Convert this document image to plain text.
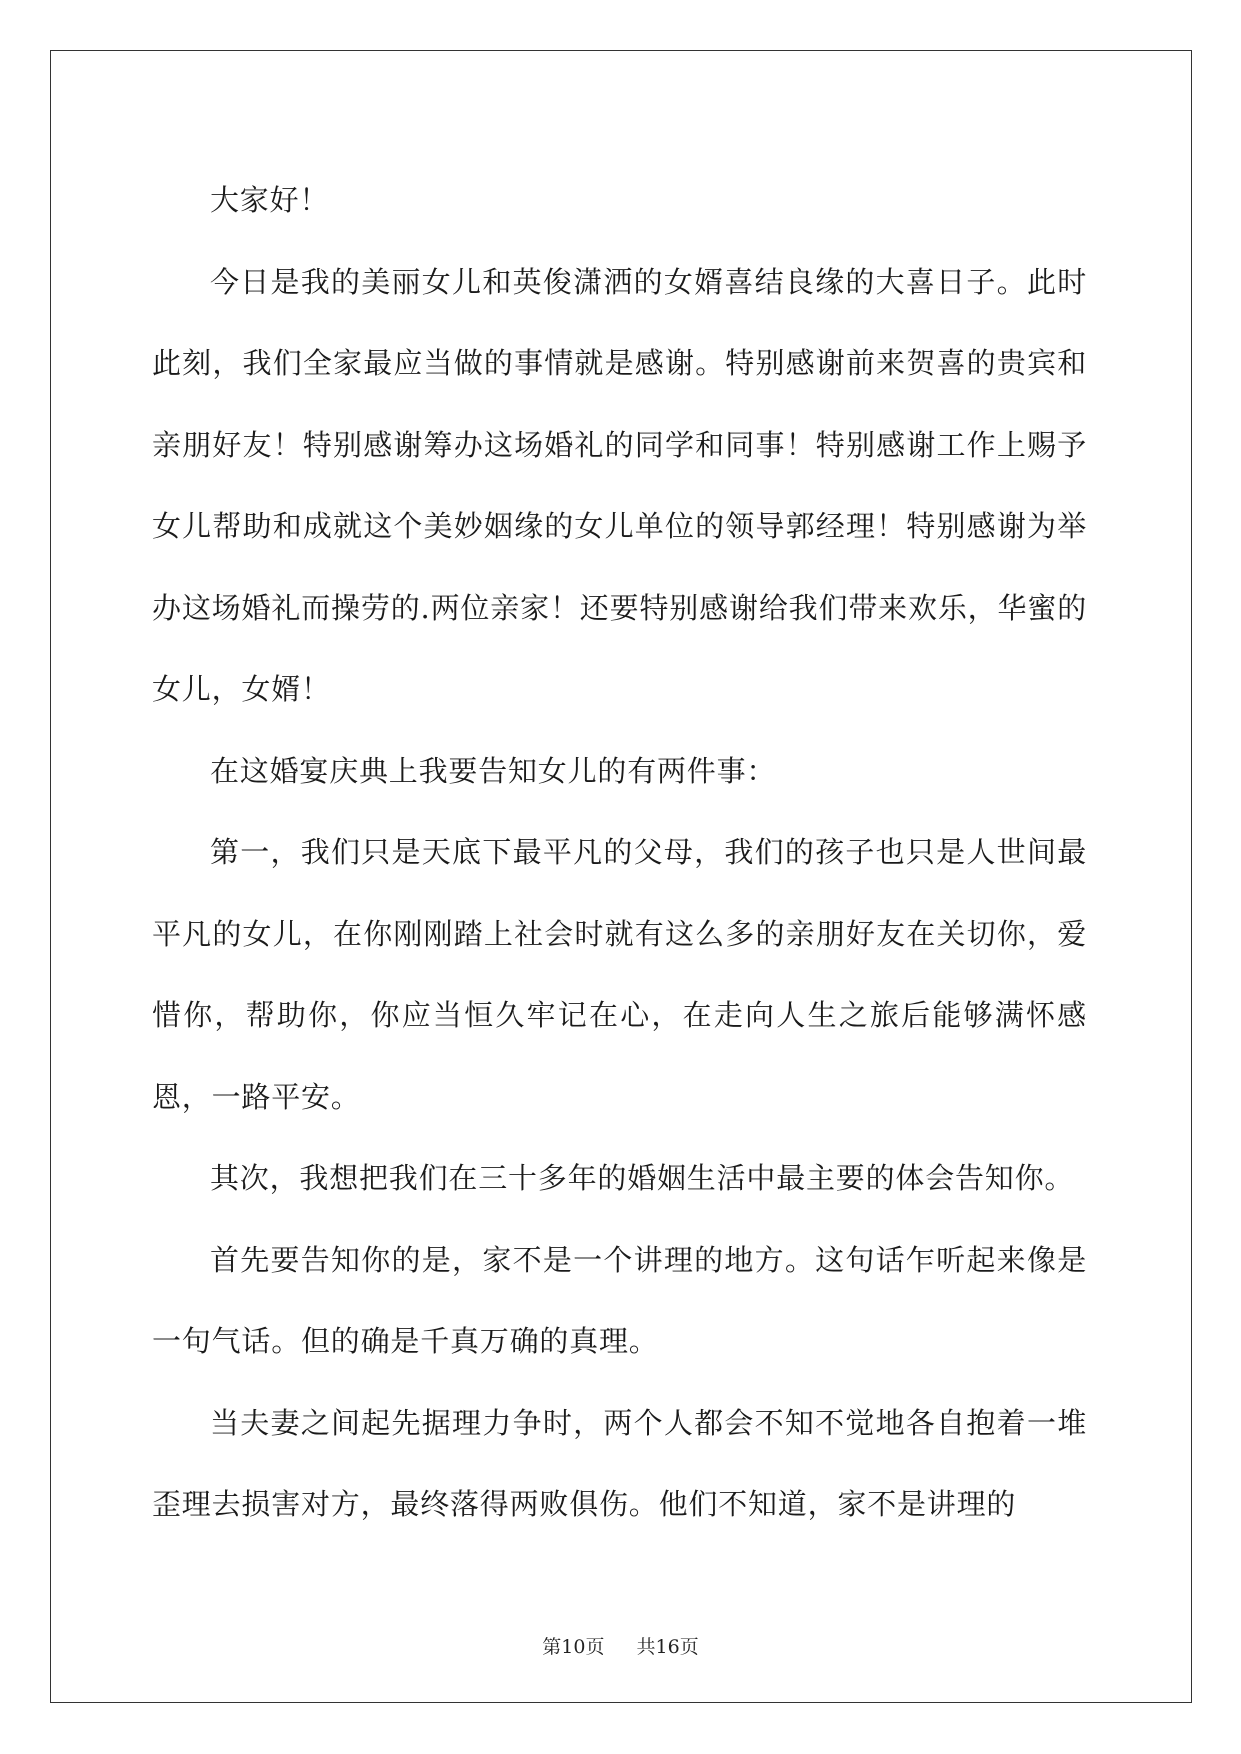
大家好！

今日是我的美丽女儿和英俊潇洒的女婿喜结良缘的大喜日子。此时此刻，我们全家最应当做的事情就是感谢。特别感谢前来贺喜的贵宾和亲朋好友！特别感谢筹办这场婚礼的同学和同事！特别感谢工作上赐予女儿帮助和成就这个美妙姻缘的女儿单位的领导郭经理！特别感谢为举办这场婚礼而操劳的.两位亲家！还要特别感谢给我们带来欢乐，华蜜的女儿，女婿！

在这婚宴庆典上我要告知女儿的有两件事：

第一，我们只是天底下最平凡的父母，我们的孩子也只是人世间最平凡的女儿，在你刚刚踏上社会时就有这么多的亲朋好友在关切你，爱惜你，帮助你，你应当恒久牢记在心，在走向人生之旅后能够满怀感恩，一路平安。

其次，我想把我们在三十多年的婚姻生活中最主要的体会告知你。

首先要告知你的是，家不是一个讲理的地方。这句话乍听起来像是一句气话。但的确是千真万确的真理。

当夫妻之间起先据理力争时，两个人都会不知不觉地各自抱着一堆歪理去损害对方，最终落得两败俱伤。他们不知道，家不是讲理的

第10页 共16页
